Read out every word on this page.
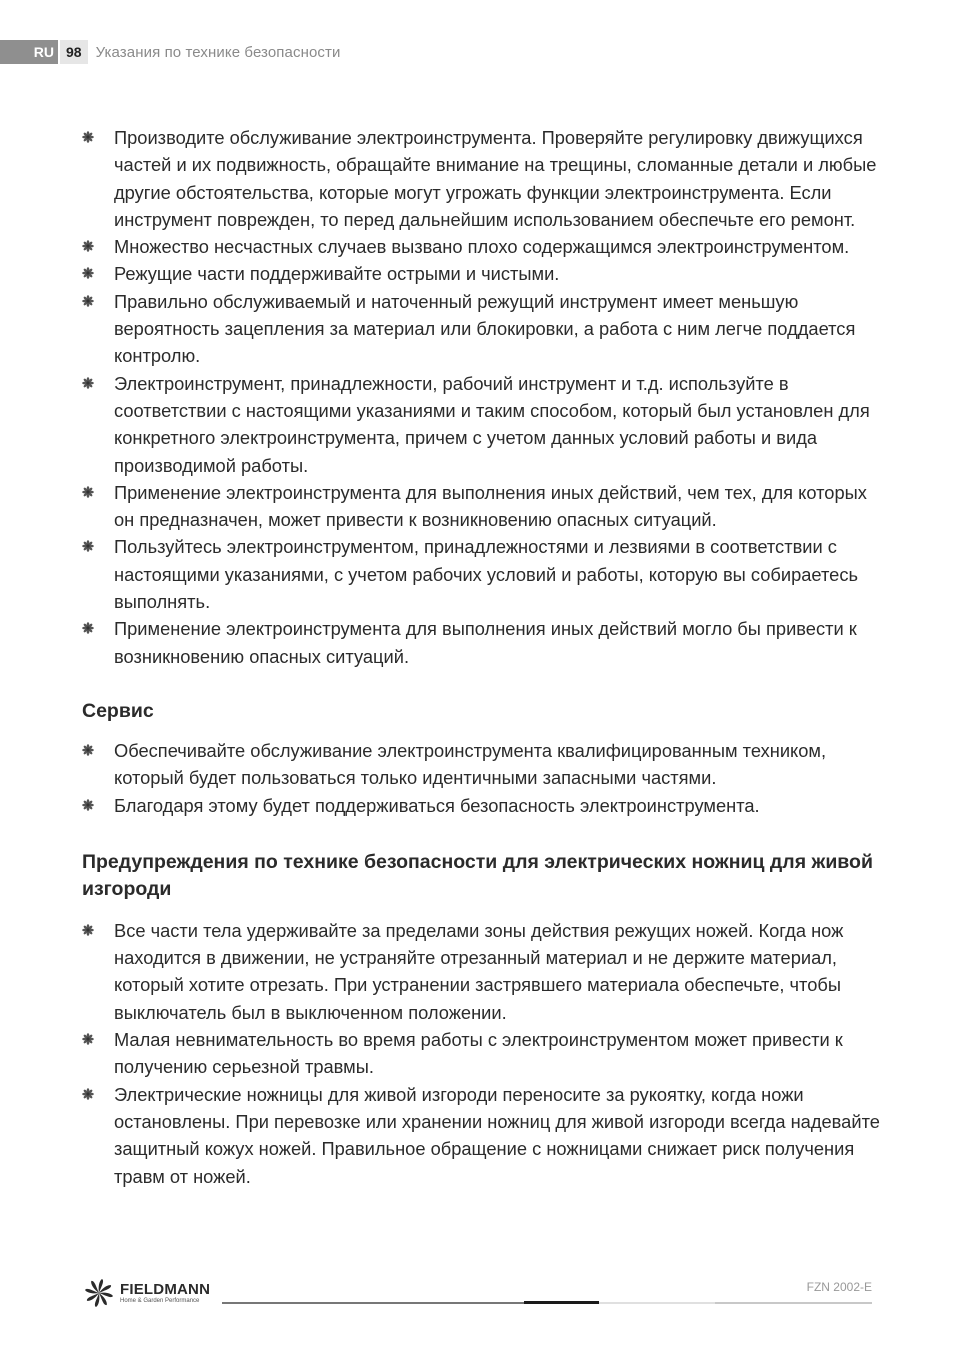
RU 98 Указания по технике безопасности
Производите обслуживание электроинструмента. Проверяйте регулировку движущихся частей и их подвижность, обращайте внимание на трещины, сломанные детали и любые другие обстоятельства, которые могут угрожать функции электроинструмента. Если инструмент поврежден, то перед дальнейшим использованием обеспечьте его ремонт.
Множество несчастных случаев вызвано плохо содержащимся электроинструментом.
Режущие части поддерживайте острыми и чистыми.
Правильно обслуживаемый и наточенный режущий инструмент имеет меньшую вероятность зацепления за материал или блокировки, а работа с ним легче поддается контролю.
Электроинструмент, принадлежности, рабочий инструмент и т.д. используйте в соответствии с настоящими указаниями и таким способом, который был установлен для конкретного электроинструмента, причем с учетом данных условий работы и вида производимой работы.
Применение электроинструмента для выполнения иных действий, чем тех, для которых он предназначен, может привести к возникновению опасных ситуаций.
Пользуйтесь электроинструментом, принадлежностями и лезвиями в соответствии с настоящими указаниями, с учетом рабочих условий и работы, которую вы собираетесь выполнять.
Применение электроинструмента для выполнения иных действий могло бы привести к возникновению опасных ситуаций.
Сервис
Обеспечивайте обслуживание электроинструмента квалифицированным техником, который будет пользоваться только идентичными запасными частями.
Благодаря этому будет поддерживаться безопасность электроинструмента.
Предупреждения по технике безопасности для электрических ножниц для живой изгороди
Все части тела удерживайте за пределами зоны действия режущих ножей. Когда нож находится в движении, не устраняйте отрезанный материал и не держите материал, который хотите отрезать. При устранении застрявшего материала обеспечьте, чтобы выключатель был в выключенном положении.
Малая невнимательность во время работы с электроинструментом может привести к получению серьезной травмы.
Электрические ножницы для живой изгороди переносите за рукоятку, когда ножи остановлены. При перевозке или хранении ножниц для живой изгороди всегда надевайте защитный кожух ножей. Правильное обращение с ножницами снижает риск получения травм от ножей.
FIELDMANN
Home & Garden Performance
FZN 2002-E
